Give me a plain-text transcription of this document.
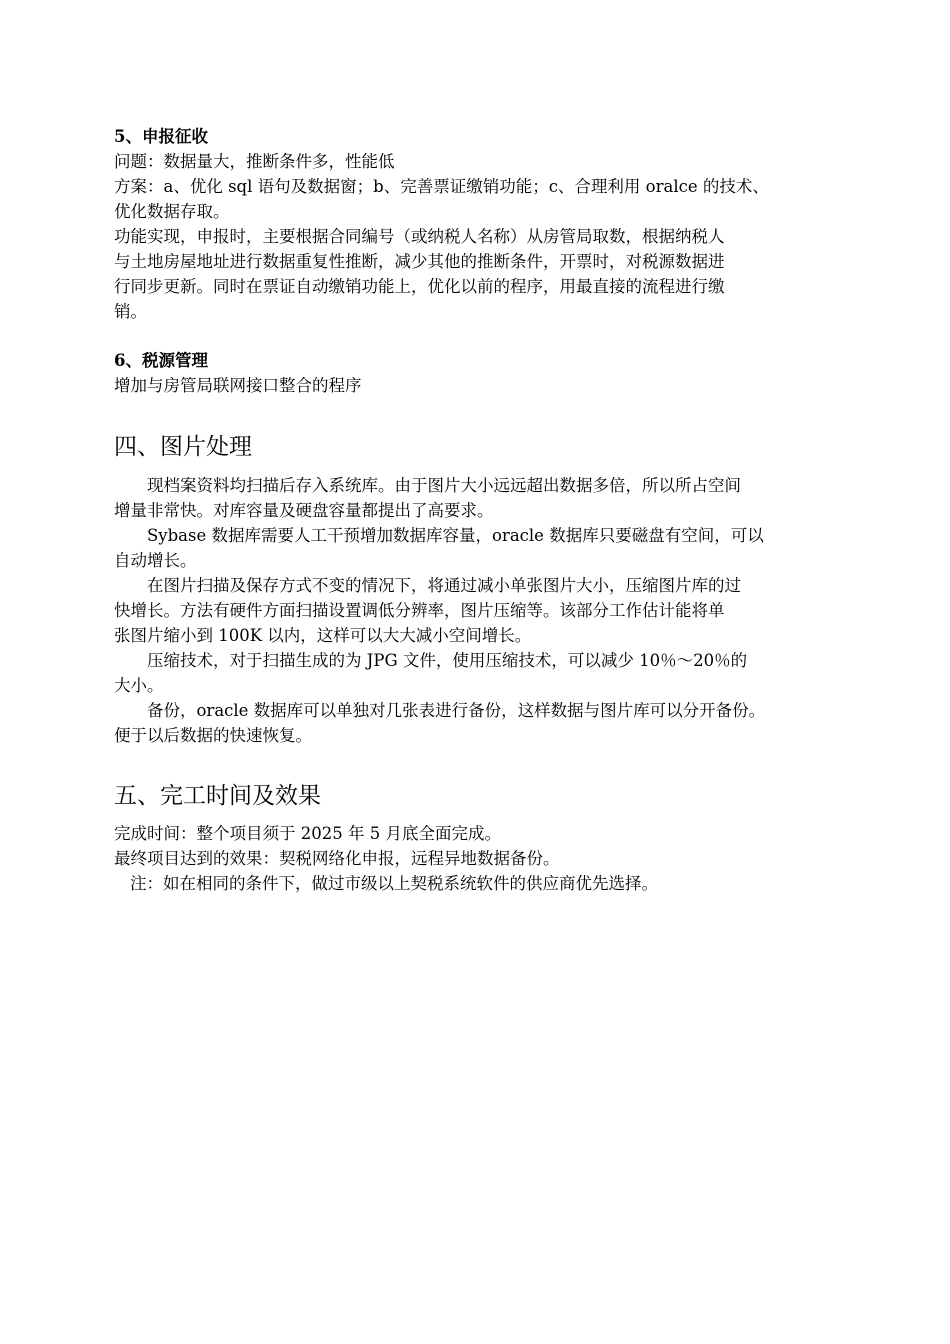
5、申报征收
问题：数据量大，推断条件多，性能低
方案：a、优化 sql 语句及数据窗；b、完善票证缴销功能；c、合理利用 oralce 的技术、
优化数据存取。
功能实现，申报时，主要根据合同编号（或纳税人名称）从房管局取数，根据纳税人
与土地房屋地址进行数据重复性推断，减少其他的推断条件，开票时，对税源数据进
行同步更新。同时在票证自动缴销功能上，优化以前的程序，用最直接的流程进行缴
销。
6、税源管理
增加与房管局联网接口整合的程序
四、图片处理
现档案资料均扫描后存入系统库。由于图片大小远远超出数据多倍，所以所占空间
增量非常快。对库容量及硬盘容量都提出了高要求。
Sybase 数据库需要人工干预增加数据库容量，oracle 数据库只要磁盘有空间，可以
自动增长。
在图片扫描及保存方式不变的情况下，将通过减小单张图片大小，压缩图片库的过
快增长。方法有硬件方面扫描设置调低分辨率，图片压缩等。该部分工作估计能将单
张图片缩小到 100K 以内，这样可以大大减小空间增长。
压缩技术，对于扫描生成的为 JPG 文件，使用压缩技术，可以减少 10％～20％的
大小。
备份，oracle 数据库可以单独对几张表进行备份，这样数据与图片库可以分开备份。
便于以后数据的快速恢复。
五、完工时间及效果
完成时间：整个项目须于 2025 年 5 月底全面完成。
最终项目达到的效果：契税网络化申报，远程异地数据备份。
注：如在相同的条件下，做过市级以上契税系统软件的供应商优先选择。
